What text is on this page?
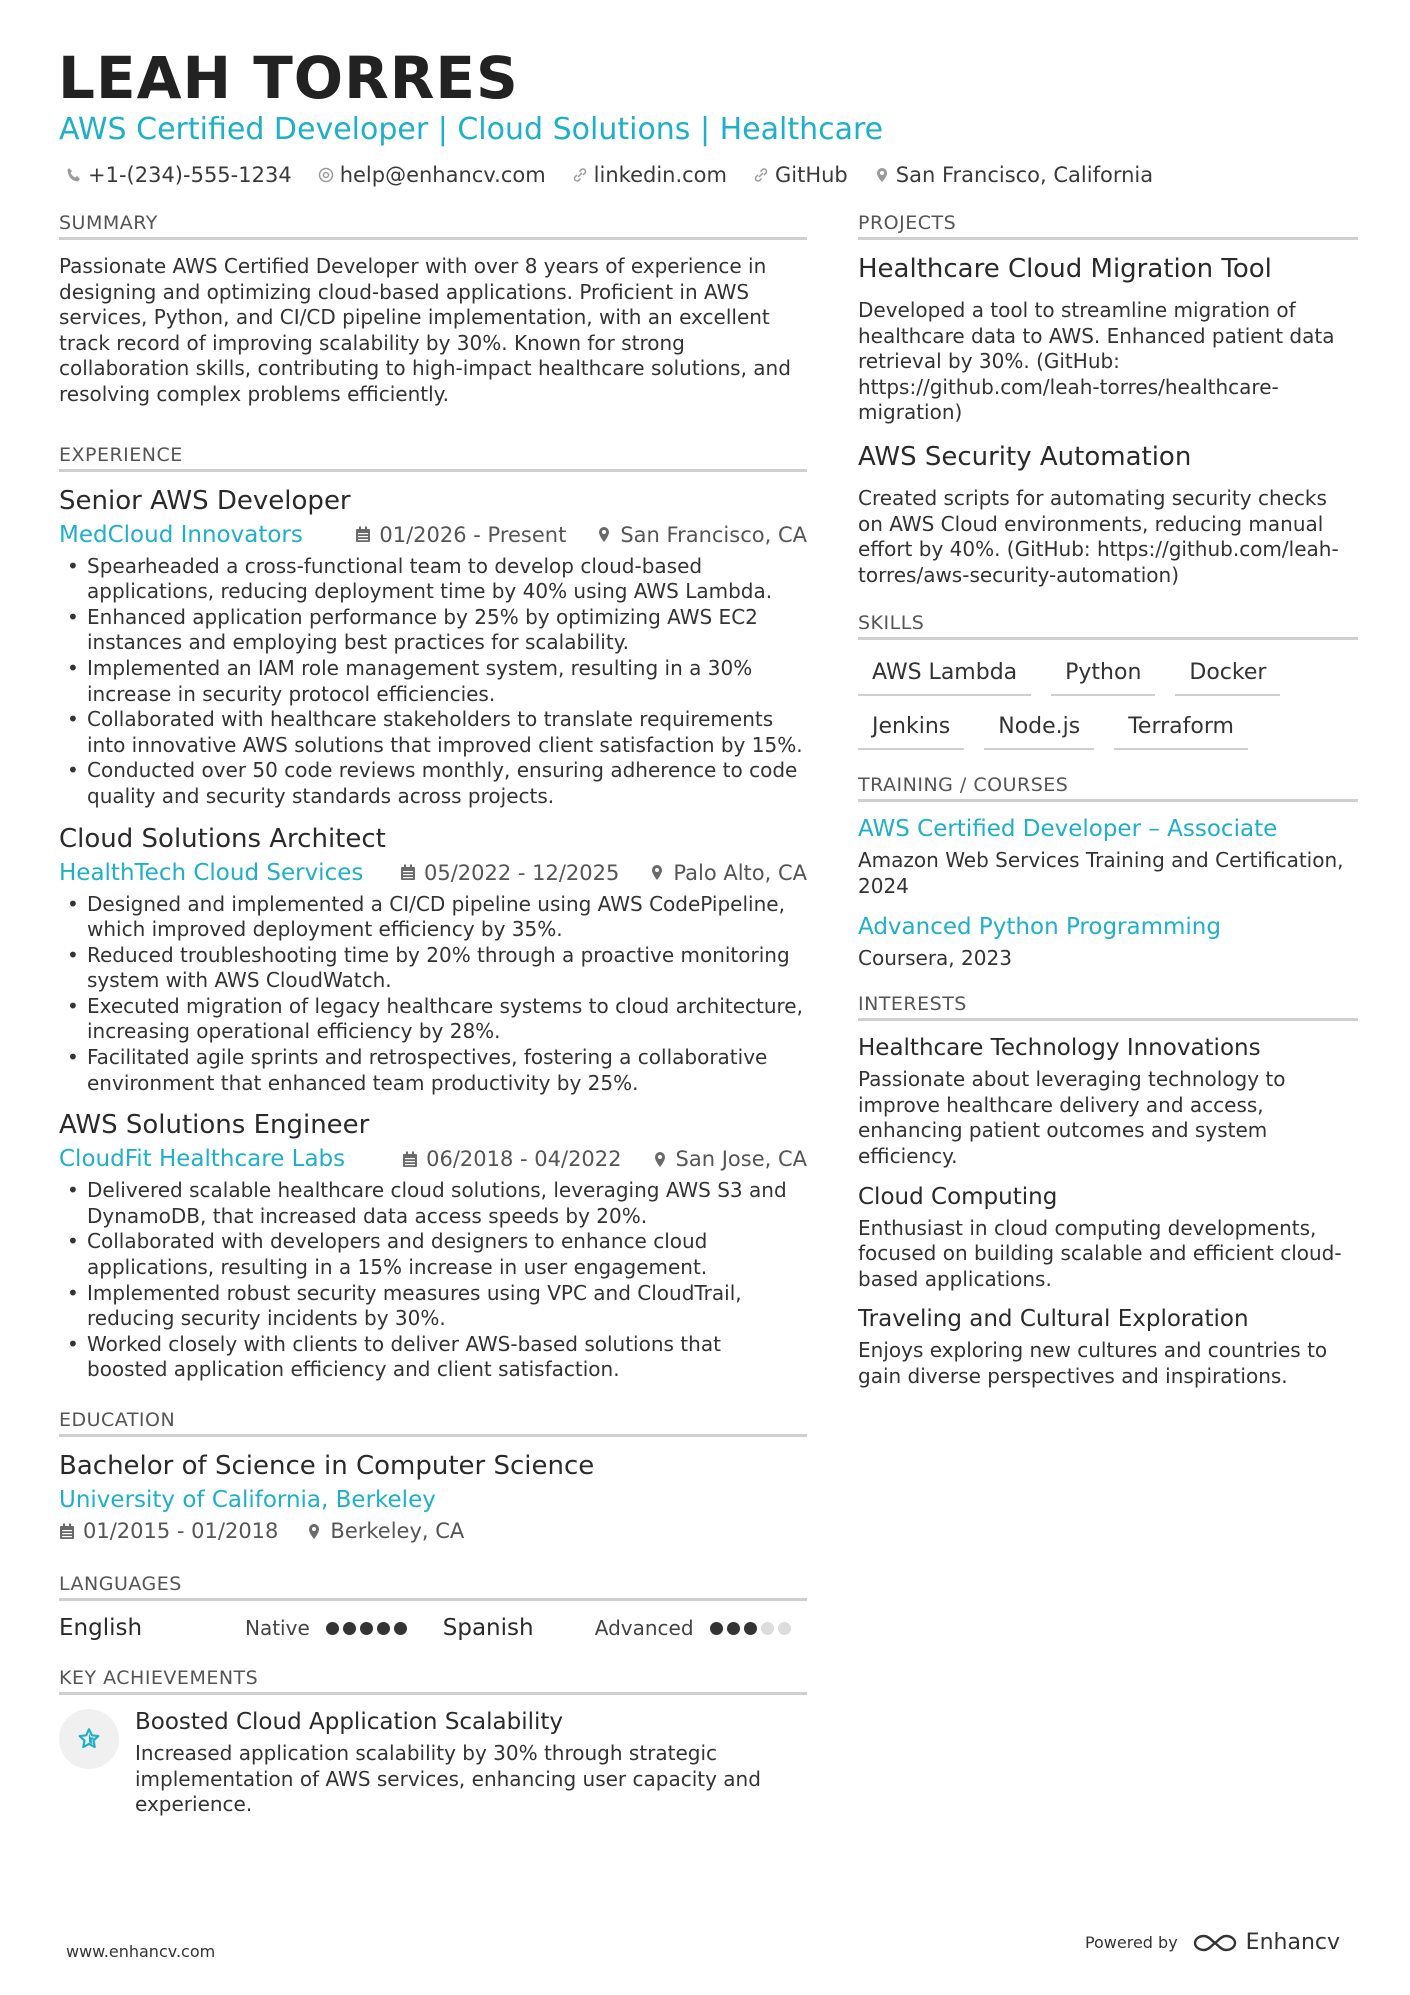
LEAH TORRES
AWS Certified Developer | Cloud Solutions | Healthcare
+1-(234)-555-1234 help@enhancv.com linkedin.com GitHub San Francisco, California
SUMMARY
Passionate AWS Certified Developer with over 8 years of experience in designing and optimizing cloud-based applications. Proficient in AWS services, Python, and CI/CD pipeline implementation, with an excellent track record of improving scalability by 30%. Known for strong collaboration skills, contributing to high-impact healthcare solutions, and resolving complex problems efficiently.
EXPERIENCE
Senior AWS Developer
MedCloud Innovators	01/2026 - Present	San Francisco, CA
• Spearheaded a cross-functional team to develop cloud-based applications, reducing deployment time by 40% using AWS Lambda.
• Enhanced application performance by 25% by optimizing AWS EC2 instances and employing best practices for scalability.
• Implemented an IAM role management system, resulting in a 30% increase in security protocol efficiencies.
• Collaborated with healthcare stakeholders to translate requirements into innovative AWS solutions that improved client satisfaction by 15%.
• Conducted over 50 code reviews monthly, ensuring adherence to code quality and security standards across projects.
Cloud Solutions Architect
HealthTech Cloud Services	05/2022 - 12/2025	Palo Alto, CA
• Designed and implemented a CI/CD pipeline using AWS CodePipeline, which improved deployment efficiency by 35%.
• Reduced troubleshooting time by 20% through a proactive monitoring system with AWS CloudWatch.
• Executed migration of legacy healthcare systems to cloud architecture, increasing operational efficiency by 28%.
• Facilitated agile sprints and retrospectives, fostering a collaborative environment that enhanced team productivity by 25%.
AWS Solutions Engineer
CloudFit Healthcare Labs	06/2018 - 04/2022	San Jose, CA
• Delivered scalable healthcare cloud solutions, leveraging AWS S3 and DynamoDB, that increased data access speeds by 20%.
• Collaborated with developers and designers to enhance cloud applications, resulting in a 15% increase in user engagement.
• Implemented robust security measures using VPC and CloudTrail, reducing security incidents by 30%.
• Worked closely with clients to deliver AWS-based solutions that boosted application efficiency and client satisfaction.
EDUCATION
Bachelor of Science in Computer Science
University of California, Berkeley
01/2015 - 01/2018 Berkeley, CA
LANGUAGES
English	Native	Spanish	Advanced
KEY ACHIEVEMENTS
Boosted Cloud Application Scalability
Increased application scalability by 30% through strategic implementation of AWS services, enhancing user capacity and experience.
PROJECTS
Healthcare Cloud Migration Tool
Developed a tool to streamline migration of healthcare data to AWS. Enhanced patient data retrieval by 30%. (GitHub: https://github.com/leah-torres/healthcare-migration)
AWS Security Automation
Created scripts for automating security checks on AWS Cloud environments, reducing manual effort by 40%. (GitHub: https://github.com/leah-torres/aws-security-automation)
SKILLS
AWS Lambda	Python	Docker
Jenkins	Node.js	Terraform
TRAINING / COURSES
AWS Certified Developer – Associate
Amazon Web Services Training and Certification, 2024
Advanced Python Programming
Coursera, 2023
INTERESTS
Healthcare Technology Innovations
Passionate about leveraging technology to improve healthcare delivery and access, enhancing patient outcomes and system efficiency.
Cloud Computing
Enthusiast in cloud computing developments, focused on building scalable and efficient cloud-based applications.
Traveling and Cultural Exploration
Enjoys exploring new cultures and countries to gain diverse perspectives and inspirations.
www.enhancv.com	Powered by	Enhancv
